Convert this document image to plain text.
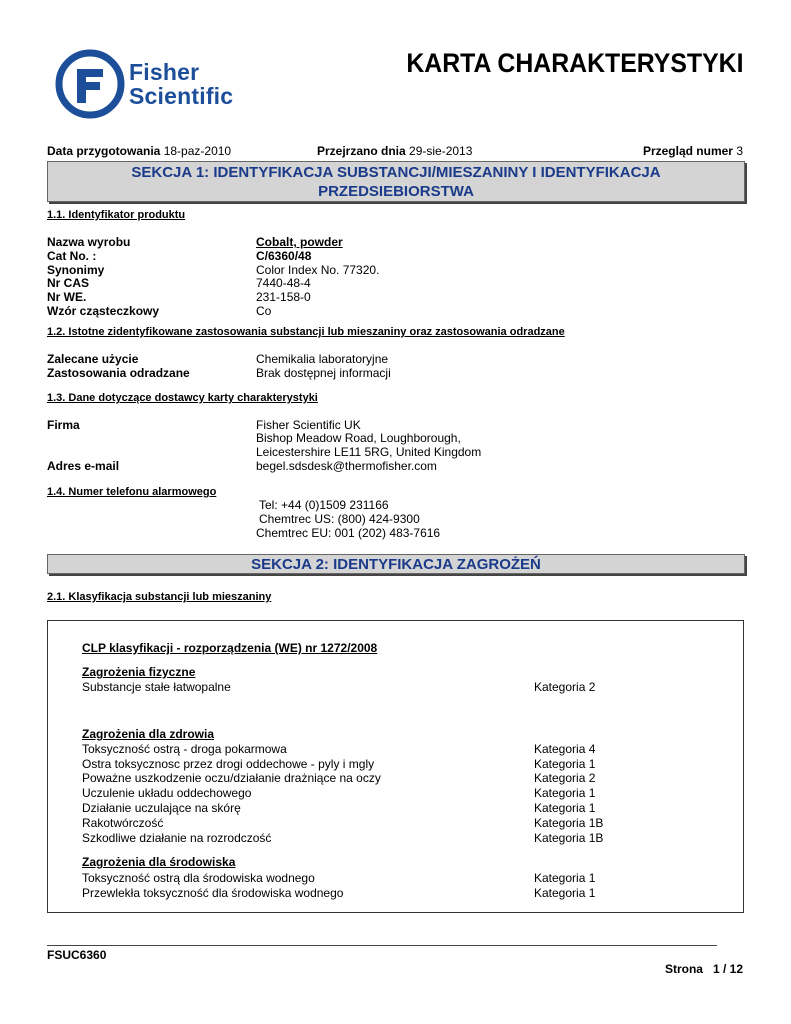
Fisher
Scientific
KARTA CHARAKTERYSTYKI
Data przygotowania 18-paz-2010	Przejrzano dnia 29-sie-2013	Przegląd numer 3
SEKCJA 1: IDENTYFIKACJA SUBSTANCJI/MIESZANINY I IDENTYFIKACJA
PRZEDSIEBIORSTWA
1.1. Identyfikator produktu
Nazwa wyrobu	Cobalt, powder
Cat No. :	C/6360/48
Synonimy	Color Index No. 77320.
Nr CAS	7440-48-4
Nr WE.	231-158-0
Wzór cząsteczkowy	Co
1.2. Istotne zidentyfikowane zastosowania substancji lub mieszaniny oraz zastosowania odradzane
Zalecane użycie	Chemikalia laboratoryjne
Zastosowania odradzane	Brak dostępnej informacji
1.3. Dane dotyczące dostawcy karty charakterystyki
Firma	Fisher Scientific UK
Bishop Meadow Road, Loughborough,
Leicestershire LE11 5RG, United Kingdom
Adres e-mail	begel.sdsdesk@thermofisher.com
1.4. Numer telefonu alarmowego
Tel: +44 (0)1509 231166
Chemtrec US: (800) 424-9300
Chemtrec EU: 001 (202) 483-7616
SEKCJA 2: IDENTYFIKACJA ZAGROŻEŃ
2.1. Klasyfikacja substancji lub mieszaniny
CLP klasyfikacji - rozporządzenia (WE) nr 1272/2008
Zagrożenia fizyczne
Substancje stałe łatwopalne	Kategoria 2
Zagrożenia dla zdrowia
Toksyczność ostrą - droga pokarmowa	Kategoria 4
Ostra toksycznosc przez drogi oddechowe - pyly i mgly	Kategoria 1
Poważne uszkodzenie oczu/działanie drażniące na oczy	Kategoria 2
Uczulenie układu oddechowego	Kategoria 1
Działanie uczulające na skórę	Kategoria 1
Rakotwórczość	Kategoria 1B
Szkodliwe działanie na rozrodczość	Kategoria 1B
Zagrożenia dla środowiska
Toksyczność ostrą dla środowiska wodnego	Kategoria 1
Przewlekła toksyczność dla środowiska wodnego	Kategoria 1
FSUC6360
Strona 1 / 12
